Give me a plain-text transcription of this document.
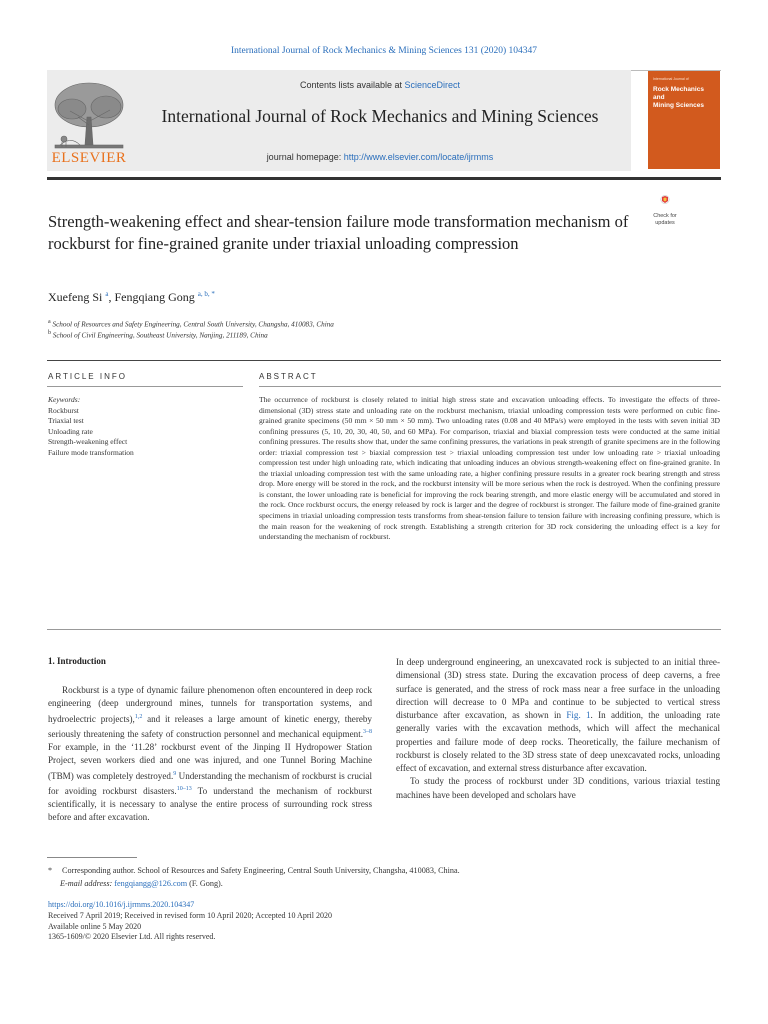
International Journal of Rock Mechanics & Mining Sciences 131 (2020) 104347
ELSEVIER
Contents lists available at ScienceDirect
International Journal of Rock Mechanics and Mining Sciences
journal homepage: http://www.elsevier.com/locate/ijrmms
International Journal of
Rock Mechanics
and
Mining Sciences
Strength-weakening effect and shear-tension failure mode transformation mechanism of rockburst for fine-grained granite under triaxial unloading compression
Check for
updates
Xuefeng Si $^a$, Fengqiang Gong $^{a, b, *}$
$^a$ School of Resources and Safety Engineering, Central South University, Changsha, 410083, China
$^b$ School of Civil Engineering, Southeast University, Nanjing, 211189, China
ARTICLE INFO	ABSTRACT
Keywords:
Rockburst
Triaxial test
Unloading rate
Strength-weakening effect
Failure mode transformation
The occurrence of rockburst is closely related to initial high stress state and excavation unloading effects. To investigate the effects of three-dimensional (3D) stress state and unloading rate on the rockburst mechanism, triaxial unloading compression tests were performed on cubic fine-grained granite specimens (50 mm × 50 mm × 50 mm). Two unloading rates (0.08 and 40 MPa/s) were employed in the tests with seven initial 3D confining pressures (5, 10, 20, 30, 40, 50, and 60 MPa). For comparison, triaxial and biaxial compression tests were conducted at the same initial confining pressures. The results show that, under the same confining pressures, the variations in peak strength of granite specimens are in the following order: triaxial compression test > biaxial compression test > triaxial unloading compression test under low unloading rate > triaxial unloading compression test under high unloading rate, which indicating that unloading induces an obvious strength-weakening effect on fine-grained granite. In the triaxial unloading compression test with the same unloading rate, a higher confining pressure results in a greater rock bearing strength and stress drop. More energy will be stored in the rock, and the rockburst intensity will be more serious when the rock is destroyed. When the confining pressure is constant, the lower unloading rate is beneficial for improving the rock bearing strength, and more elastic energy will be accumulated and stored in the rock. Once rockburst occurs, the energy released by rock is larger and the degree of rockburst is stronger. The failure mode of fine-grained granite specimens in triaxial unloading compression tests transforms from shear-tension failure to tension failure with increasing confining pressure, which is the main reason for the weakening of rock strength. Establishing a strength criterion for 3D rock considering the unloading effect is a key for understanding the mechanism of rockburst.
1. Introduction

Rockburst is a type of dynamic failure phenomenon often encountered in deep rock engineering (deep underground mines, tunnels for transportation systems, and hydroelectric projects),$^{1,2}$ and it releases a large amount of kinetic energy, thereby seriously threatening the safety of construction personnel and mechanical equipment.$^{3-8}$ For example, in the ‘11.28’ rockburst event of the Jinping II Hydropower Station Project, seven workers died and one was injured, and one Tunnel Boring Machine (TBM) was completely destroyed.$^9$ Understanding the mechanism of rockburst is crucial for avoiding rockburst disasters.$^{10-13}$ To understand the mechanism of rockburst scientifically, it is necessary to analyse the entire process of surrounding rock stress before and after excavation.

In deep underground engineering, an unexcavated rock is subjected to an initial three-dimensional (3D) stress state. During the excavation process of deep caverns, a free surface is generated, and the stress of rock mass near a free surface in the unloading direction will decrease to 0 MPa and continue to be subjected to vertical stress disturbance after excavation, as shown in Fig. 1. In addition, the unloading rate generally varies with the excavation methods, which will affect the mechanical properties and failure mode of deep rocks. Theoretically, the failure mechanism of rockburst is closely related to the 3D stress state of deep unexcavated rocks, unloading effect of excavation, and external stress disturbance after excavation.

To study the process of rockburst under 3D conditions, various triaxial testing machines have been developed and scholars have

* Corresponding author. School of Resources and Safety Engineering, Central South University, Changsha, 410083, China.
E-mail address: fengqiangg@126.com (F. Gong).
https://doi.org/10.1016/j.ijrmms.2020.104347
Received 7 April 2019; Received in revised form 10 April 2020; Accepted 10 April 2020
Available online 5 May 2020
1365-1609/© 2020 Elsevier Ltd. All rights reserved.
